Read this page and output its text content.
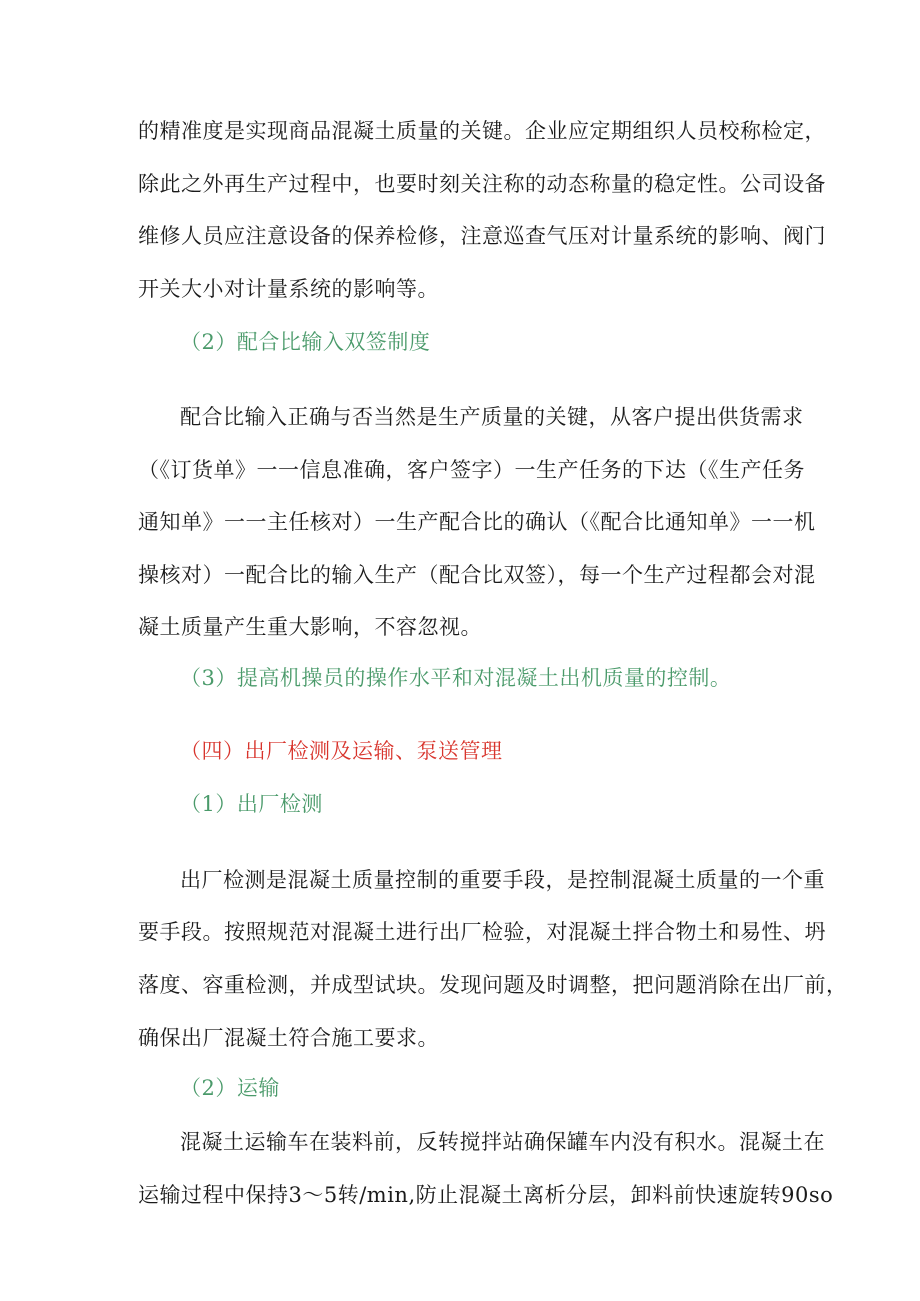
的精准度是实现商品混凝土质量的关键。企业应定期组织人员校称检定，
除此之外再生产过程中，也要时刻关注称的动态称量的稳定性。公司设备
维修人员应注意设备的保养检修，注意巡查气压对计量系统的影响、阀门
开关大小对计量系统的影响等。
（2）配合比输入双签制度
配合比输入正确与否当然是生产质量的关键，从客户提出供货需求
（《订货单》一一信息准确，客户签字）一生产任务的下达（《生产任务
通知单》一一主任核对）一生产配合比的确认（《配合比通知单》一一机
操核对）一配合比的输入生产（配合比双签），每一个生产过程都会对混
凝土质量产生重大影响，不容忽视。
（3）提高机操员的操作水平和对混凝土出机质量的控制。
（四）出厂检测及运输、泵送管理
（1）出厂检测
出厂检测是混凝土质量控制的重要手段，是控制混凝土质量的一个重
要手段。按照规范对混凝土进行出厂检验，对混凝土拌合物土和易性、坍
落度、容重检测，并成型试块。发现问题及时调整，把问题消除在出厂前，
确保出厂混凝土符合施工要求。
（2）运输
混凝土运输车在装料前，反转搅拌站确保罐车内没有积水。混凝土在
运输过程中保持3～5转/min,防止混凝土离析分层，卸料前快速旋转90so
